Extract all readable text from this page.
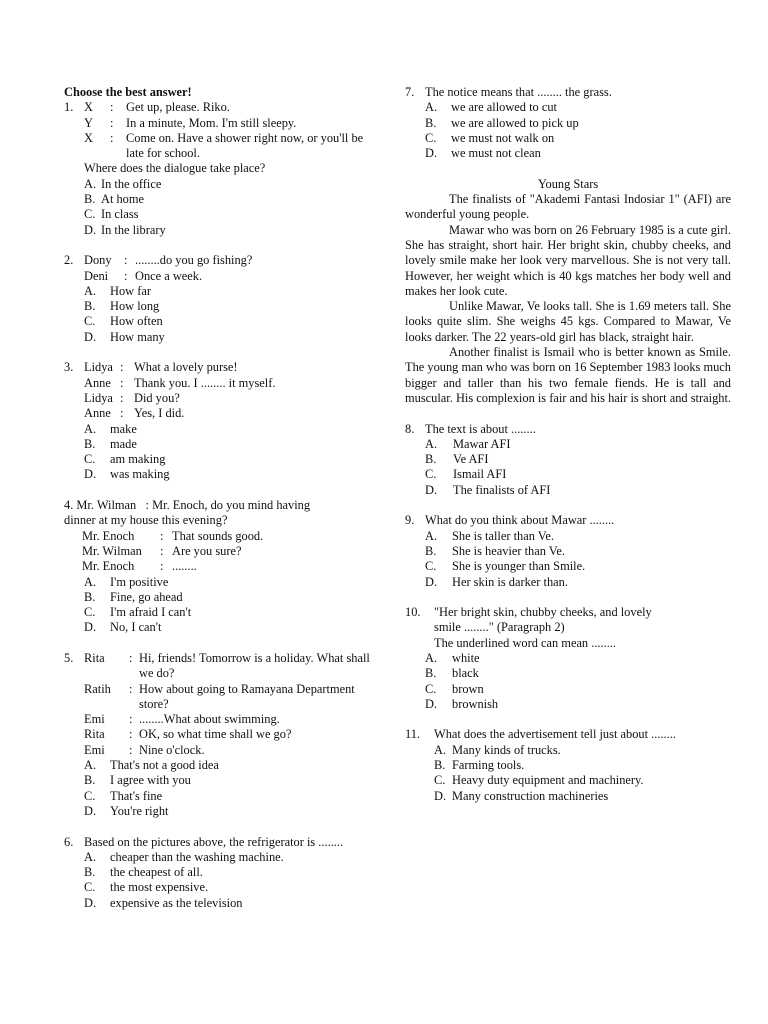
Choose the best answer!
1. X	:	Get up, please. Riko.
Y	:	In a minute, Mom. I'm still sleepy.
X	:	Come on. Have a shower right now, or you'll be late for school.
Where does the dialogue take place?
A. In the office
B. At home
C. In class
D. In the library
2. Dony	: ........do you go fishing?
Deni	: Once a week.
A.	How far
B.	How long
C.	How often
D.	How many
3. Lidya : What a lovely purse!
Anne : Thank you. I ........ it myself.
Lidya : Did you?
Anne : Yes, I did.
A.	make
B.	made
C.	am making
D.	was making
4. Mr. Wilman   : Mr. Enoch, do you mind having
dinner at my house this evening?
Mr. Enoch	: That sounds good.
Mr. Wilman	: Are you sure?
Mr. Enoch	: ........
A.	I'm positive
B.	Fine, go ahead
C.	I'm afraid I can't
D.	No, I can't
5. Rita	: Hi, friends! Tomorrow is a holiday. What shall we do?
Ratih	: How about going to Ramayana Department store?
Emi	: ........What about swimming.
Rita	: OK, so what time shall we go?
Emi	: Nine o'clock.
A.	That's not a good idea
B.	I agree with you
C.	That's fine
D.	You're right
6. Based on the pictures above, the refrigerator is ........
A.	cheaper than the washing machine.
B.	the cheapest of all.
C.	the most expensive.
D.	expensive as the television
7. The notice means that ........ the grass.
A.	we are allowed to cut
B.	we are allowed to pick up
C.	we must not walk on
D.	we must not clean
Young Stars
The finalists of "Akademi Fantasi Indosiar 1" (AFI) are wonderful young people.
Mawar who was born on 26 February 1985 is a cute girl. She has straight, short hair. Her bright skin, chubby cheeks, and lovely smile make her look very marvellous. She is not very tall. However, her weight which is 40 kgs matches her body well and makes her look cute.
Unlike Mawar, Ve looks tall. She is 1.69 meters tall. She looks quite slim. She weighs 45 kgs. Compared to Mawar, Ve looks darker. The 22 years-old girl has black, straight hair.
Another finalist is Ismail who is better known as Smile. The young man who was born on 16 September 1983 looks much bigger and taller than his two female fiends. He is tall and muscular. His complexion is fair and his hair is short and straight.
8. The text is about ........
A.	Mawar AFI
B.	Ve AFI
C.	Ismail AFI
D.	The finalists of AFI
9. What do you think about Mawar ........
A.	She is taller than Ve.
B.	She is heavier than Ve.
C.	She is younger than Smile.
D.	Her skin is darker than.
10.	"Her bright skin, chubby cheeks, and lovely
smile ........" (Paragraph 2)
The underlined word can mean ........
A.	white
B.	black
C.	brown
D.	brownish
11.	What does the advertisement tell just about ........
A. Many kinds of trucks.
B. Farming tools.
C. Heavy duty equipment and machinery.
D. Many construction machineries
